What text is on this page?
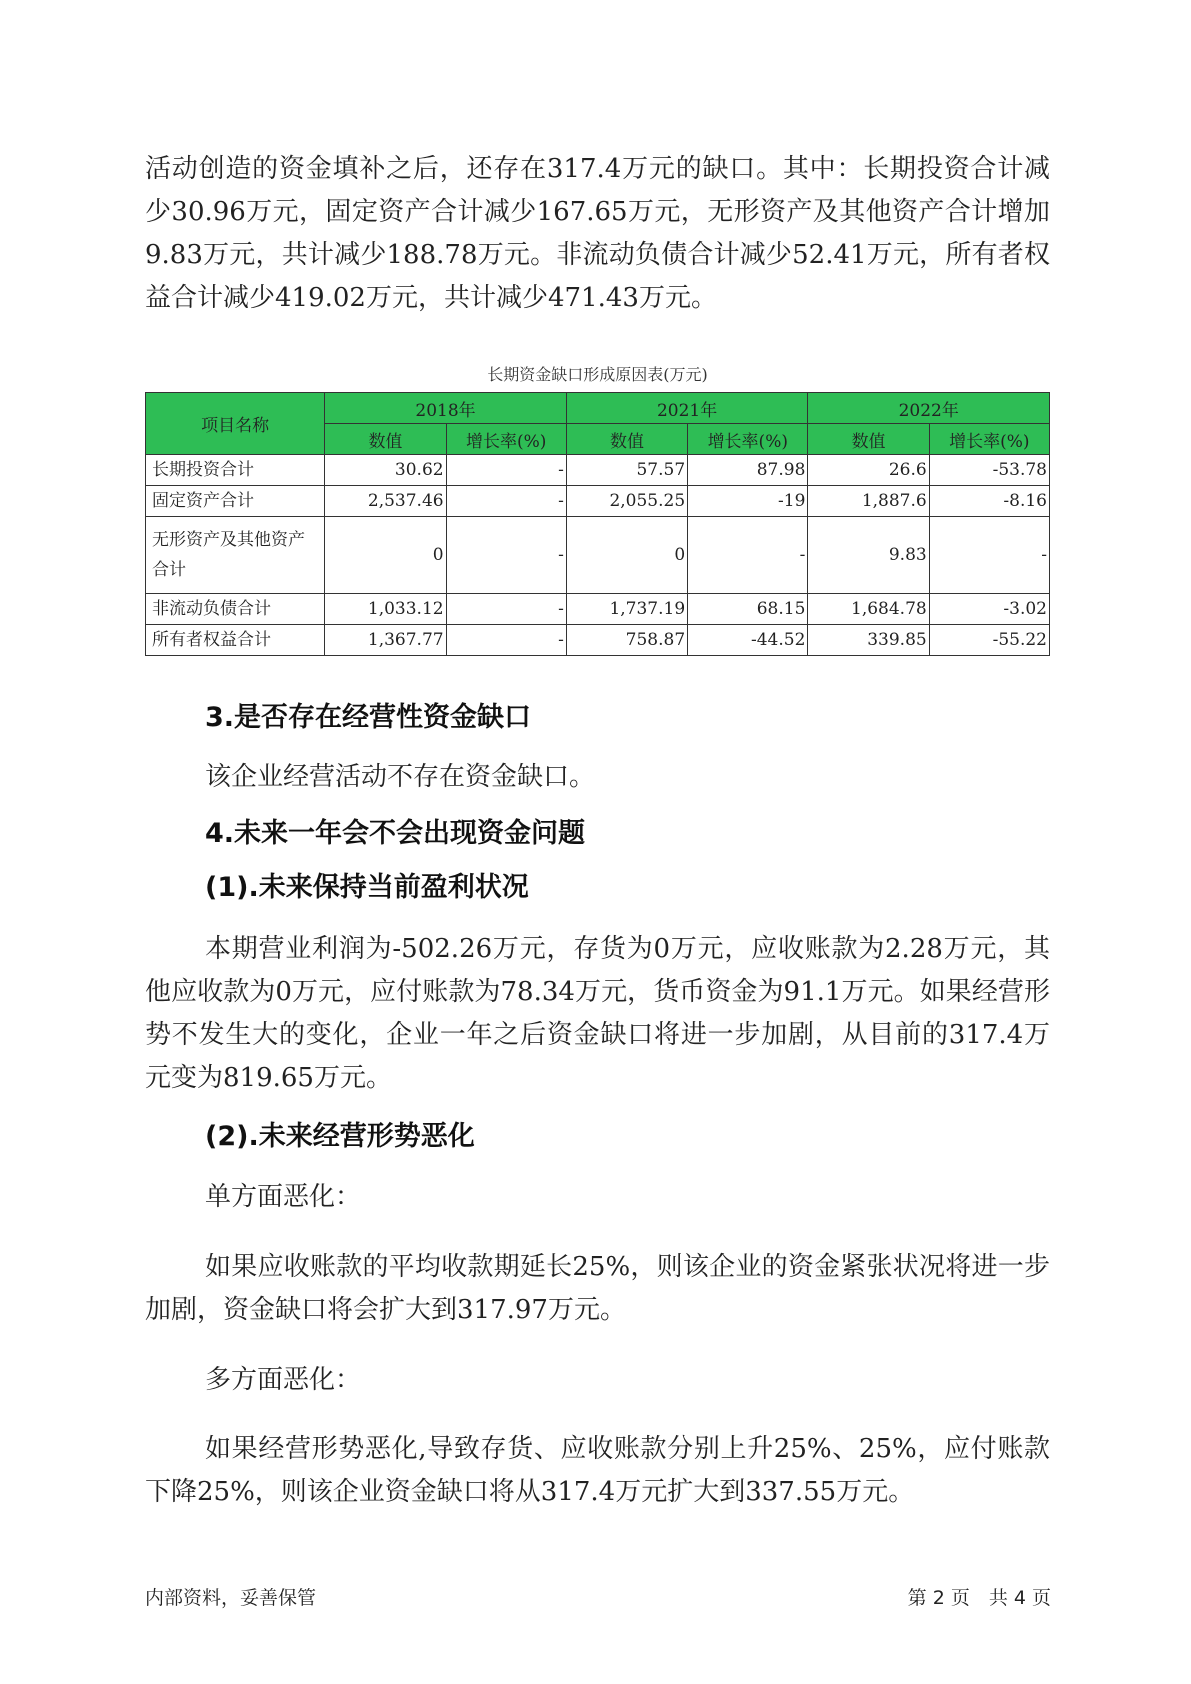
活动创造的资金填补之后，还存在317.4万元的缺口。其中：长期投资合计减少30.96万元，固定资产合计减少167.65万元，无形资产及其他资产合计增加9.83万元，共计减少188.78万元。非流动负债合计减少52.41万元，所有者权益合计减少419.02万元，共计减少471.43万元。

长期资金缺口形成原因表(万元)
项目名称	2018年		2021年		2022年	
	数值	增长率(%)	数值	增长率(%)	数值	增长率(%)
长期投资合计	30.62	-	57.57	87.98	26.6	-53.78
固定资产合计	2,537.46	-	2,055.25	-19	1,887.6	-8.16
无形资产及其他资产合计	0	-	0	-	9.83	-
非流动负债合计	1,033.12	-	1,737.19	68.15	1,684.78	-3.02
所有者权益合计	1,367.77	-	758.87	-44.52	339.85	-55.22
3.是否存在经营性资金缺口

该企业经营活动不存在资金缺口。

4.未来一年会不会出现资金问题
(1).未来保持当前盈利状况

本期营业利润为-502.26万元，存货为0万元，应收账款为2.28万元，其他应收款为0万元，应付账款为78.34万元，货币资金为91.1万元。如果经营形势不发生大的变化，企业一年之后资金缺口将进一步加剧，从目前的317.4万元变为819.65万元。

(2).未来经营形势恶化

单方面恶化：

如果应收账款的平均收款期延长25%，则该企业的资金紧张状况将进一步加剧，资金缺口将会扩大到317.97万元。

多方面恶化：

如果经营形势恶化,导致存货、应收账款分别上升25%、25%，应付账款下降25%，则该企业资金缺口将从317.4万元扩大到337.55万元。

内部资料，妥善保管	第 2 页　共 4 页
